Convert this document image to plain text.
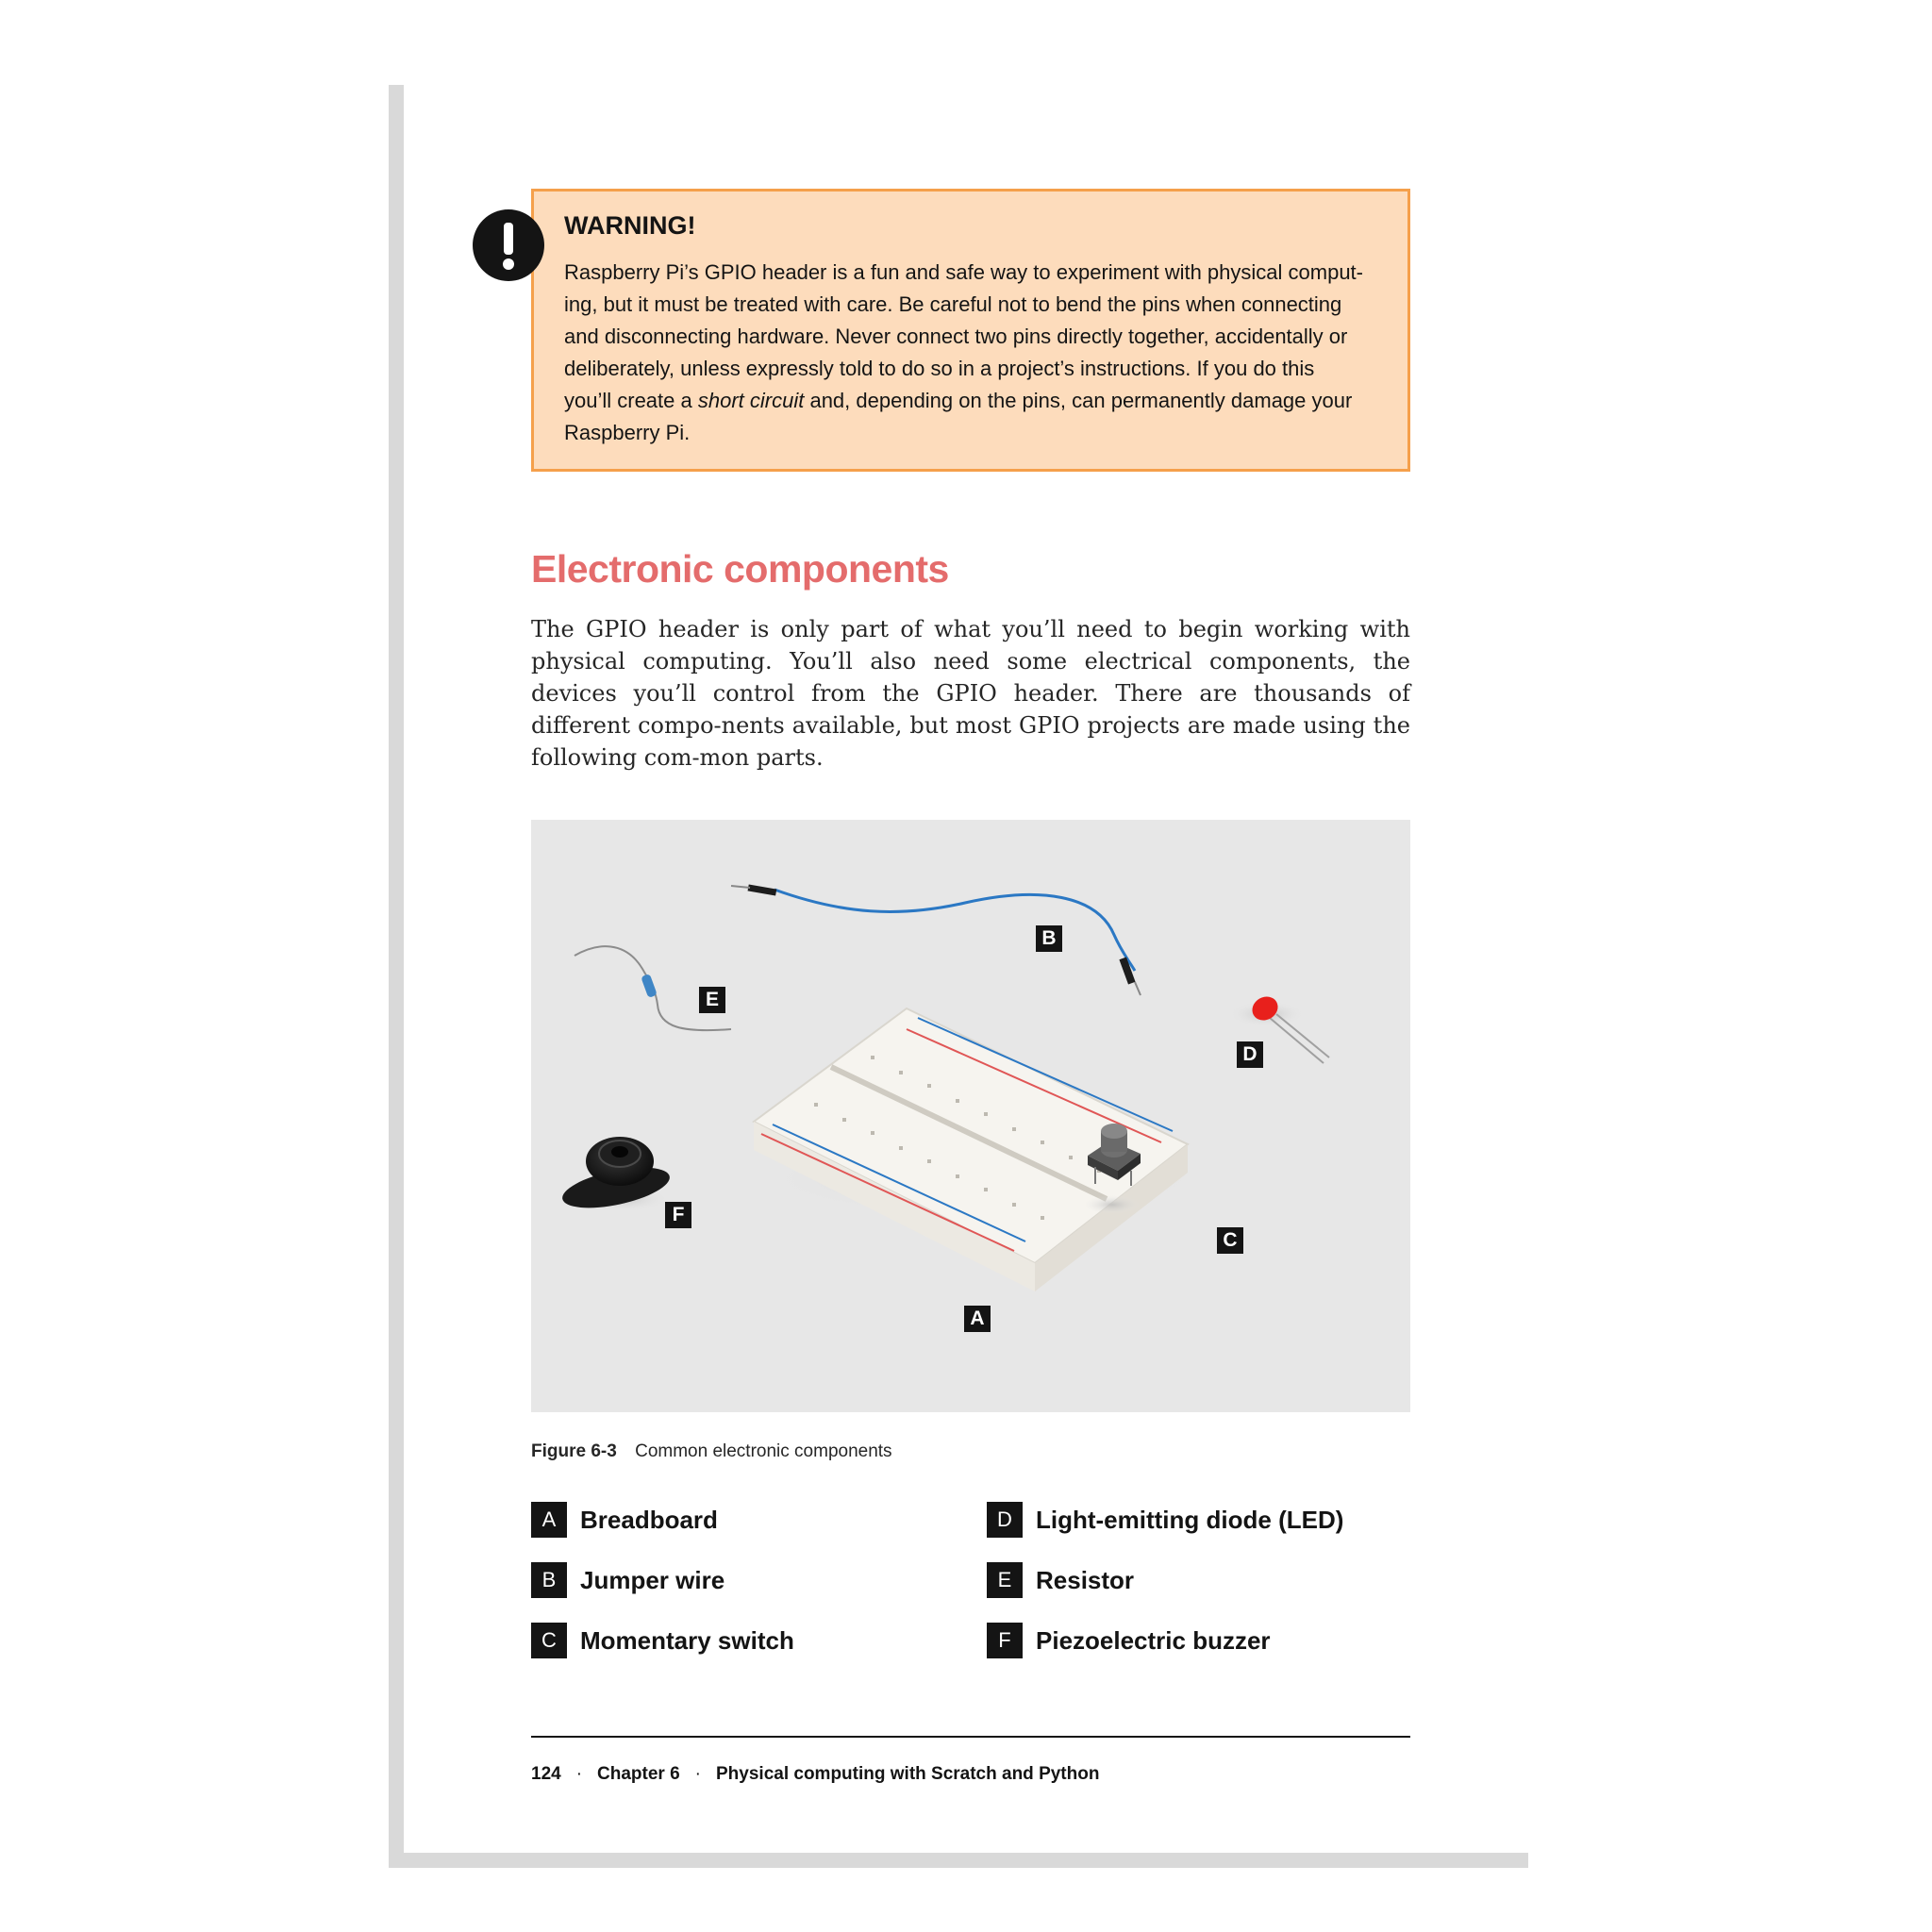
WARNING!

Raspberry Pi’s GPIO header is a fun and safe way to experiment with physical comput-

ing, but it must be treated with care. Be careful not to bend the pins when connecting

and disconnecting hardware. Never connect two pins directly together, accidentally or

deliberately, unless expressly told to do so in a project’s instructions. If you do this

you’ll create a short circuit and, depending on the pins, can permanently damage your

Raspberry Pi.

Electronic components

The GPIO header is only part of what you’ll need to begin working with physical computing. You’ll also need some electrical components, the devices you’ll control from the GPIO header. There are thousands of different compo-nents available, but most GPIO projects are made using the following com-mon parts.

B
E
D
F
C
A
Figure 6-3 Common electronic components
A Breadboard
B Jumper wire
C Momentary switch
D Light-emitting diode (LED)
E Resistor
F	Piezoelectric buzzer
124 · Chapter 6 · Physical computing with Scratch and Python
